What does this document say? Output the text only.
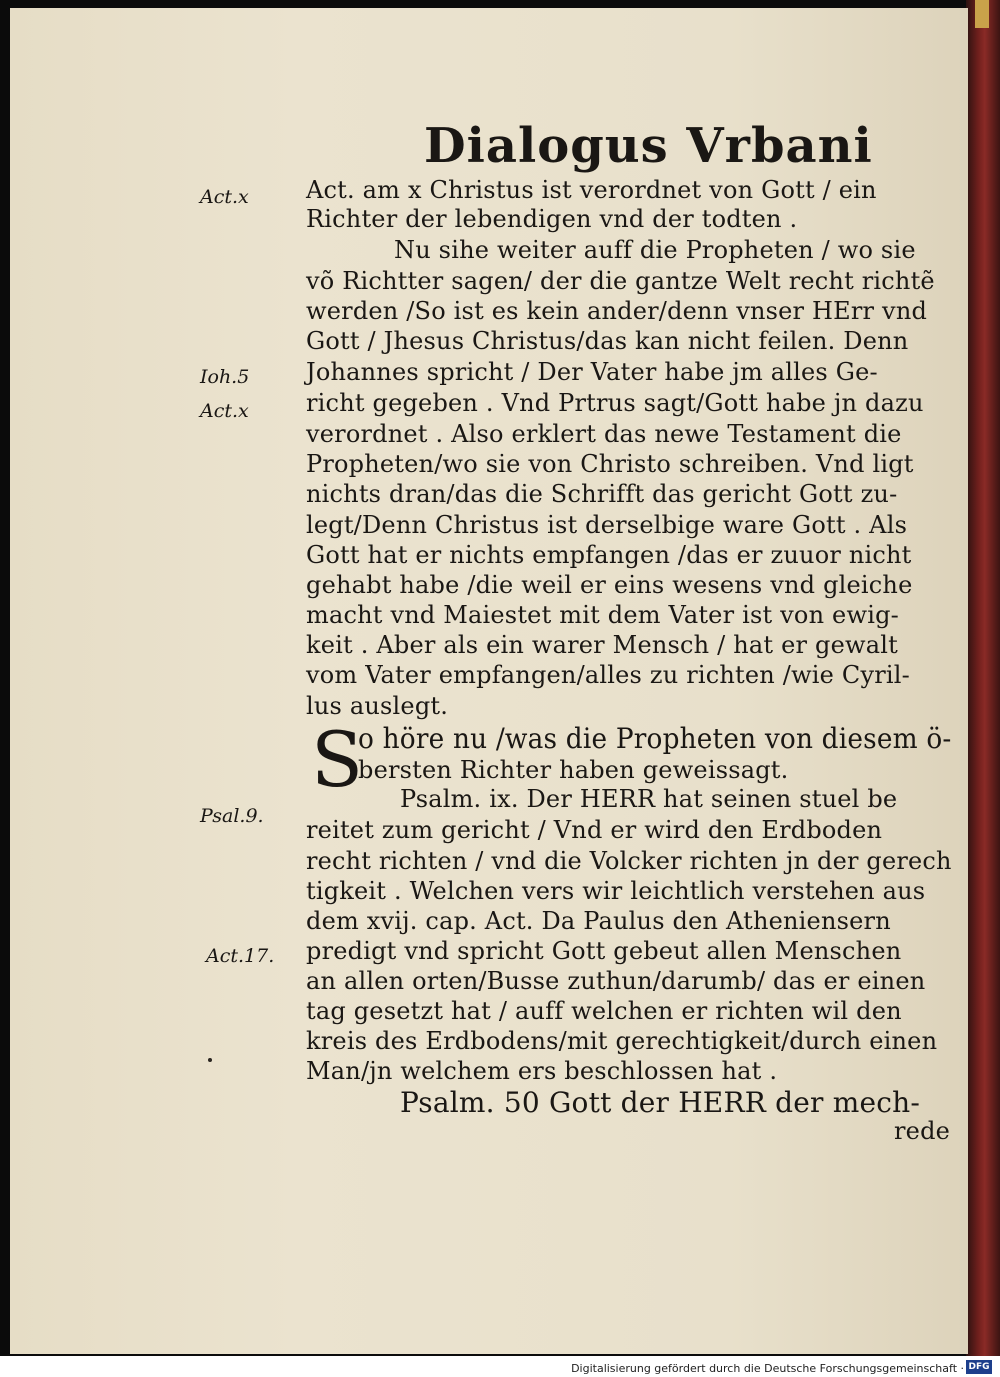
Dialogus Vrbani
Act.x
Ioh.5
Act.x
Psal.9.
Act.17.
Act. am x Christus ist verordnet von Gott / ein
Richter der lebendigen vnd der todten .
Nu sihe weiter auff die Propheten / wo sie
võ Richtter sagen/ der die gantze Welt recht richtẽ
werden /So ist es kein ander/denn vnser HErr vnd
Gott / Jhesus Christus/das kan nicht feilen. Denn
Johannes spricht / Der Vater habe jm alles Ge-
richt gegeben . Vnd Prtrus sagt/Gott habe jn dazu
verordnet . Also erklert das newe Testament die
Propheten/wo sie von Christo schreiben. Vnd ligt
nichts dran/das die Schrifft das gericht Gott zu-
legt/Denn Christus ist derselbige ware Gott . Als
Gott hat er nichts empfangen /das er zuuor nicht
gehabt habe /die weil er eins wesens vnd gleiche
macht vnd Maiestet mit dem Vater ist von ewig-
keit . Aber als ein warer Mensch / hat er gewalt
vom Vater empfangen/alles zu richten /wie Cyril-
lus auslegt.
S
o höre nu /was die Propheten von diesem ö-
bersten Richter haben geweissagt.
Psalm. ix. Der HERR hat seinen stuel be
reitet zum gericht / Vnd er wird den Erdboden
recht richten / vnd die Volcker richten jn der gerech
tigkeit . Welchen vers wir leichtlich verstehen aus
dem xvij. cap. Act. Da Paulus den Atheniensern
predigt vnd spricht Gott gebeut allen Menschen
an allen orten/Busse zuthun/darumb/ das er einen
tag gesetzt hat / auff welchen er richten wil den
kreis des Erdbodens/mit gerechtigkeit/durch einen
Man/jn welchem ers beschlossen hat .
Psalm. 50 Gott der HERR der mech-
rede
Digitalisierung gefördert durch die Deutsche Forschungsgemeinschaft · DFG
